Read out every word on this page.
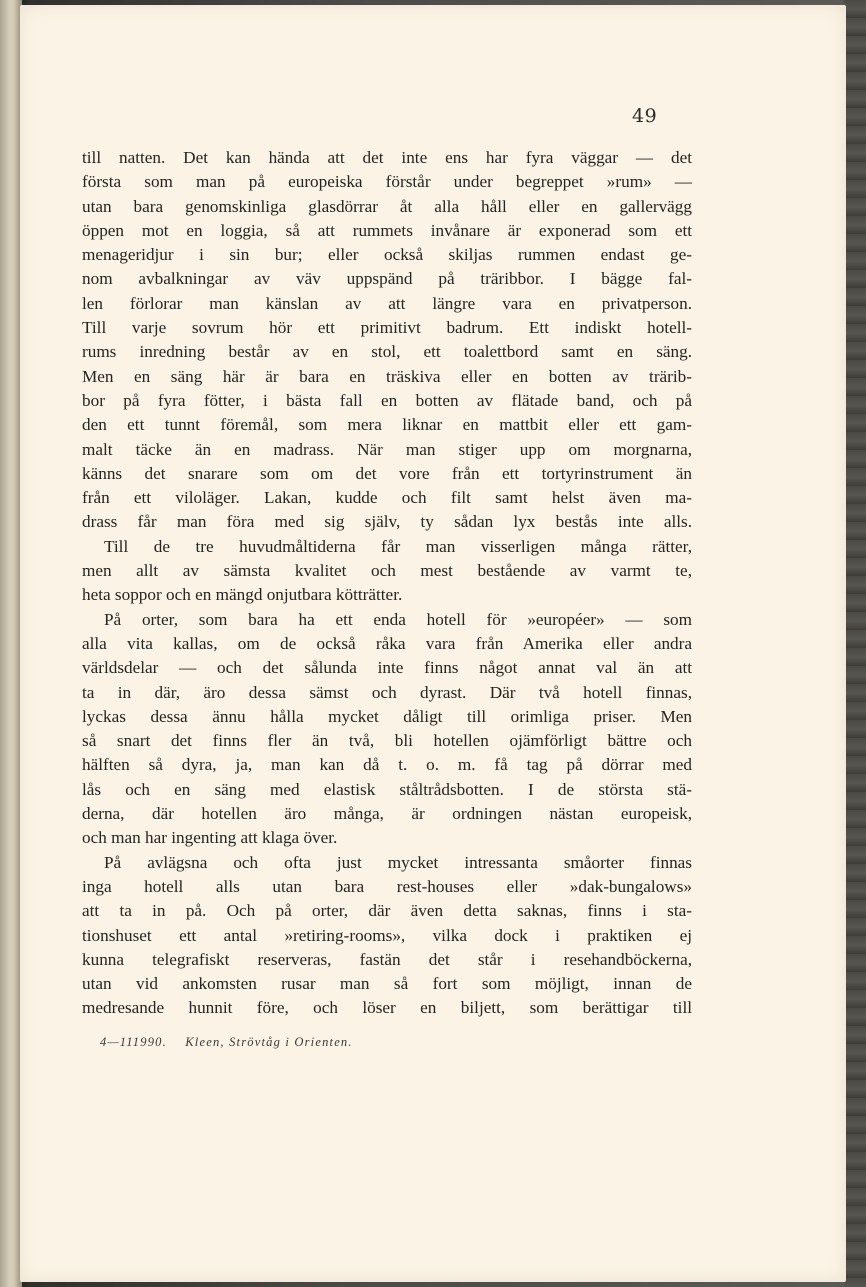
49
till natten. Det kan hända att det inte ens har fyra väggar — det
första som man på europeiska förstår under begreppet »rum» —
utan bara genomskinliga glasdörrar åt alla håll eller en gallervägg
öppen mot en loggia, så att rummets invånare är exponerad som ett
menageridjur i sin bur; eller också skiljas rummen endast ge-
nom avbalkningar av väv uppspänd på träribbor. I bägge fal-
len förlorar man känslan av att längre vara en privatperson.
Till varje sovrum hör ett primitivt badrum. Ett indiskt hotell-
rums inredning består av en stol, ett toalettbord samt en säng.
Men en säng här är bara en träskiva eller en botten av trärib-
bor på fyra fötter, i bästa fall en botten av flätade band, och på
den ett tunnt föremål, som mera liknar en mattbit eller ett gam-
malt täcke än en madrass. När man stiger upp om morgnarna,
känns det snarare som om det vore från ett tortyrinstrument än
från ett viloläger. Lakan, kudde och filt samt helst även ma-
drass får man föra med sig själv, ty sådan lyx bestås inte alls.
Till de tre huvudmåltiderna får man visserligen många rätter,
men allt av sämsta kvalitet och mest bestående av varmt te,
heta soppor och en mängd onjutbara kötträtter.
På orter, som bara ha ett enda hotell för »européer» — som
alla vita kallas, om de också råka vara från Amerika eller andra
världsdelar — och det sålunda inte finns något annat val än att
ta in där, äro dessa sämst och dyrast. Där två hotell finnas,
lyckas dessa ännu hålla mycket dåligt till orimliga priser. Men
så snart det finns fler än två, bli hotellen ojämförligt bättre och
hälften så dyra, ja, man kan då t. o. m. få tag på dörrar med
lås och en säng med elastisk ståltrådsbotten. I de största stä-
derna, där hotellen äro många, är ordningen nästan europeisk,
och man har ingenting att klaga över.
På avlägsna och ofta just mycket intressanta småorter finnas
inga hotell alls utan bara rest-houses eller »dak-bungalows»
att ta in på. Och på orter, där även detta saknas, finns i sta-
tionshuset ett antal »retiring-rooms», vilka dock i praktiken ej
kunna telegrafiskt reserveras, fastän det står i resehandböckerna,
utan vid ankomsten rusar man så fort som möjligt, innan de
medresande hunnit före, och löser en biljett, som berättigar till
4—111990. Kleen, Strövtåg i Orienten.
